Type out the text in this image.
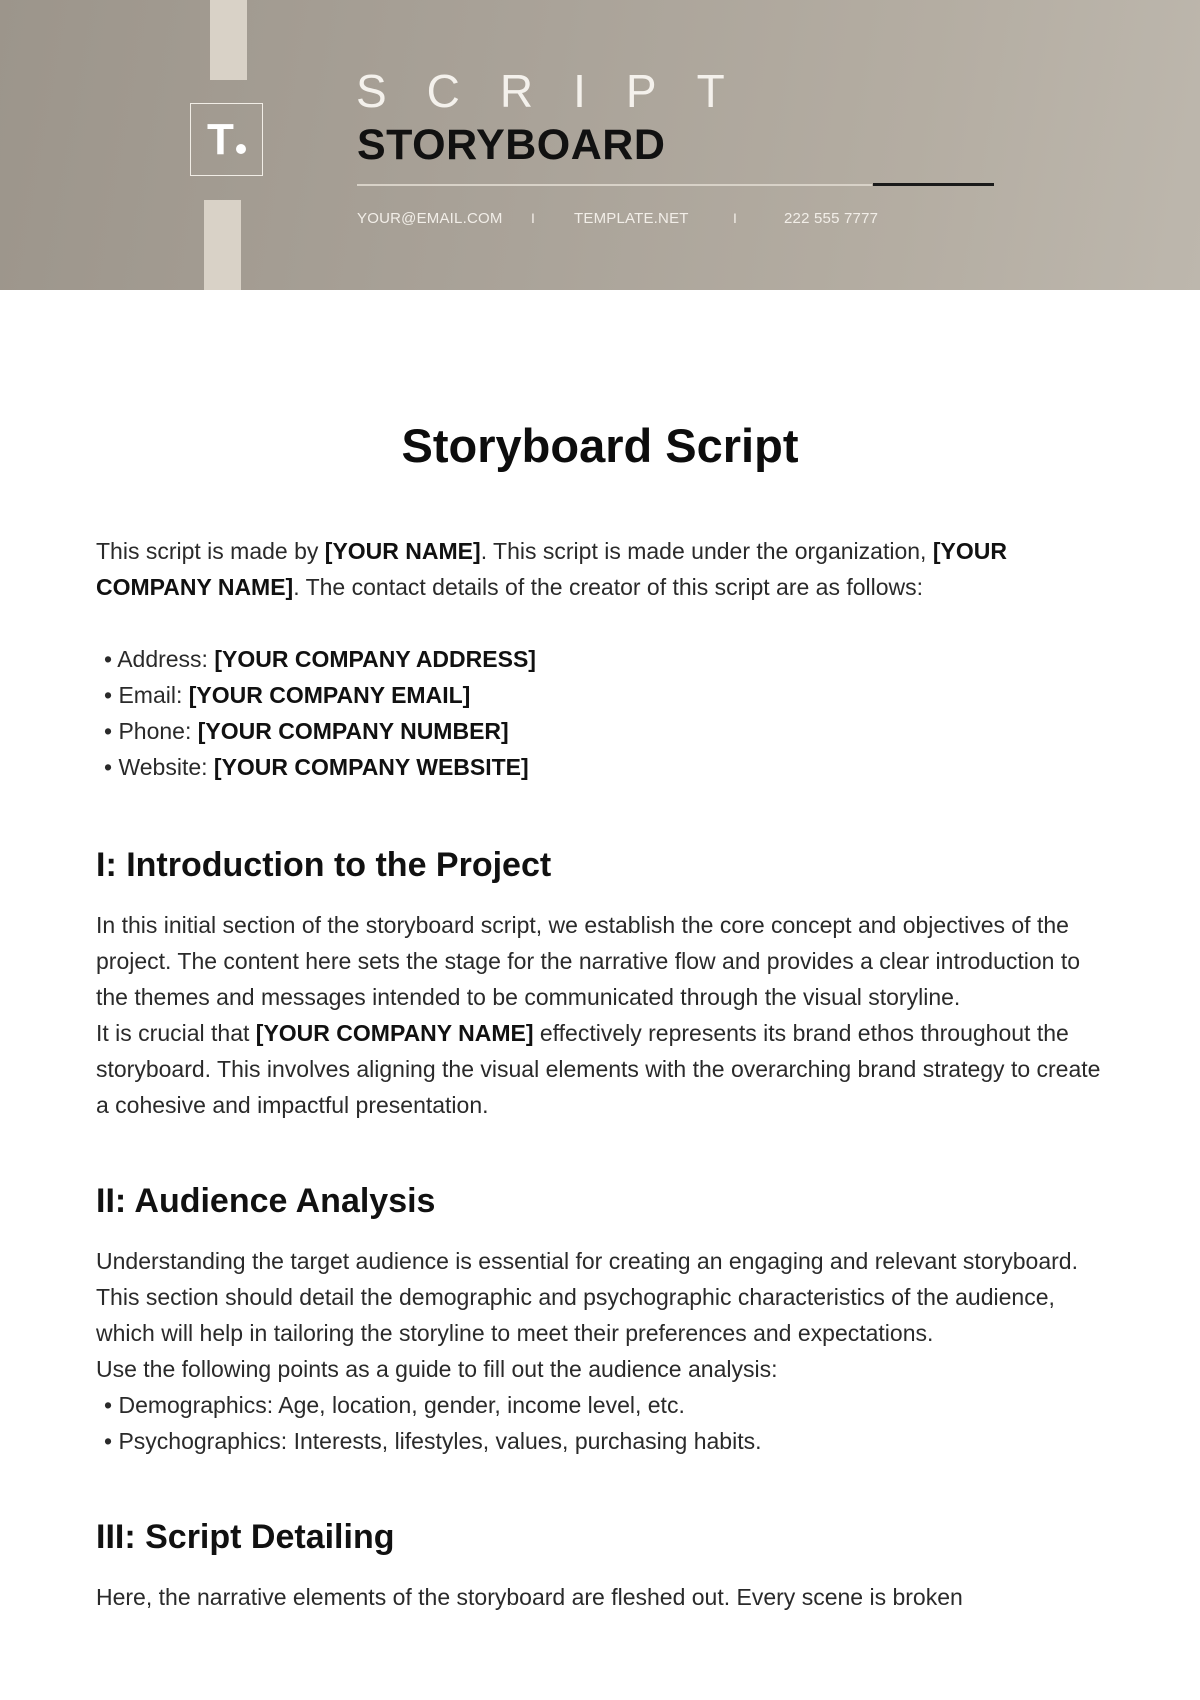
T
SCRIPT
STORYBOARD
YOUR@EMAIL.COM I	TEMPLATE.NET	I	222 555 7777
Storyboard Script

This script is made by [YOUR NAME]. This script is made under the organization, [YOUR COMPANY NAME]. The contact details of the creator of this script are as follows:

• Address: [YOUR COMPANY ADDRESS]
• Email: [YOUR COMPANY EMAIL]
• Phone: [YOUR COMPANY NUMBER]
• Website: [YOUR COMPANY WEBSITE]
I: Introduction to the Project

In this initial section of the storyboard script, we establish the core concept and objectives of the project. The content here sets the stage for the narrative flow and provides a clear introduction to the themes and messages intended to be communicated through the visual storyline.

It is crucial that [YOUR COMPANY NAME] effectively represents its brand ethos throughout the storyboard. This involves aligning the visual elements with the overarching brand strategy to create a cohesive and impactful presentation.

II: Audience Analysis

Understanding the target audience is essential for creating an engaging and relevant storyboard. This section should detail the demographic and psychographic characteristics of the audience, which will help in tailoring the storyline to meet their preferences and expectations.

Use the following points as a guide to fill out the audience analysis:

• Demographics: Age, location, gender, income level, etc.
• Psychographics: Interests, lifestyles, values, purchasing habits.
III: Script Detailing

Here, the narrative elements of the storyboard are fleshed out. Every scene is broken
